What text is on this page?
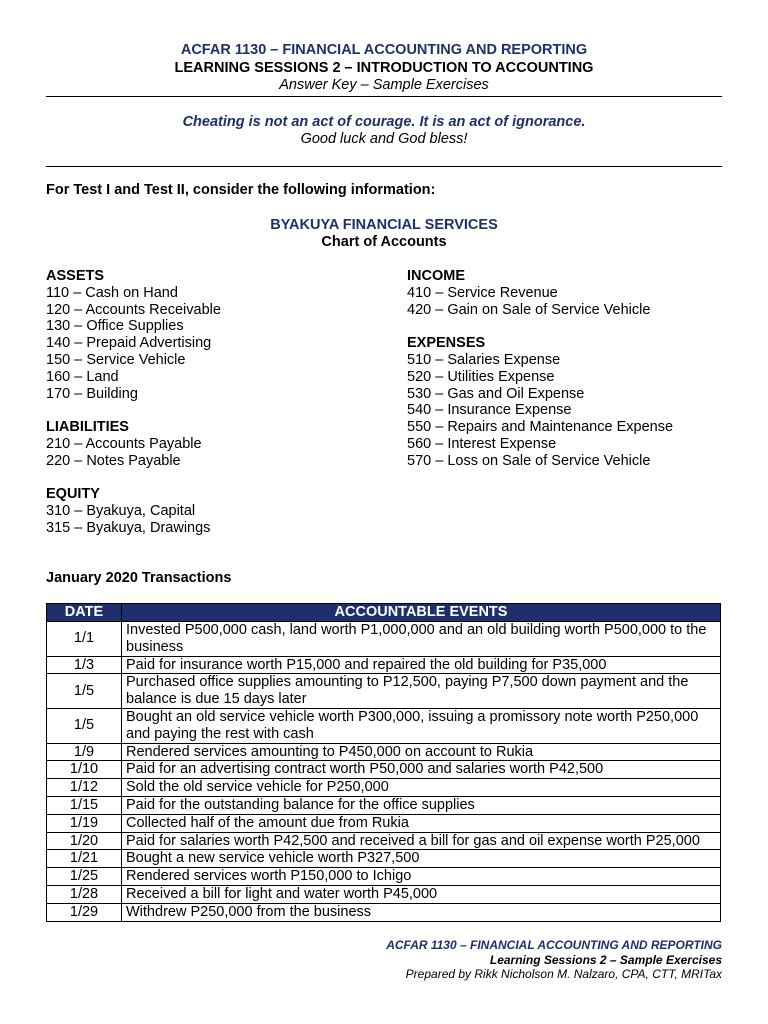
ACFAR 1130 – FINANCIAL ACCOUNTING AND REPORTING
LEARNING SESSIONS 2 – INTRODUCTION TO ACCOUNTING
Answer Key – Sample Exercises
Cheating is not an act of courage. It is an act of ignorance.
Good luck and God bless!
For Test I and Test II, consider the following information:
BYAKUYA FINANCIAL SERVICES
Chart of Accounts
ASSETS
110 – Cash on Hand
120 – Accounts Receivable
130 – Office Supplies
140 – Prepaid Advertising
150 – Service Vehicle
160 – Land
170 – Building
LIABILITIES
210 – Accounts Payable
220 – Notes Payable
EQUITY
310 – Byakuya, Capital
315 – Byakuya, Drawings
INCOME
410 – Service Revenue
420 – Gain on Sale of Service Vehicle
EXPENSES
510 – Salaries Expense
520 – Utilities Expense
530 – Gas and Oil Expense
540 – Insurance Expense
550 – Repairs and Maintenance Expense
560 – Interest Expense
570 – Loss on Sale of Service Vehicle
January 2020 Transactions
DATE	ACCOUNTABLE EVENTS
1/1	Invested P500,000 cash, land worth P1,000,000 and an old building worth P500,000 to the business
1/3	Paid for insurance worth P15,000 and repaired the old building for P35,000
1/5	Purchased office supplies amounting to P12,500, paying P7,500 down payment and the balance is due 15 days later
1/5	Bought an old service vehicle worth P300,000, issuing a promissory note worth P250,000 and paying the rest with cash
1/9	Rendered services amounting to P450,000 on account to Rukia
1/10	Paid for an advertising contract worth P50,000 and salaries worth P42,500
1/12	Sold the old service vehicle for P250,000
1/15	Paid for the outstanding balance for the office supplies
1/19	Collected half of the amount due from Rukia
1/20	Paid for salaries worth P42,500 and received a bill for gas and oil expense worth P25,000
1/21	Bought a new service vehicle worth P327,500
1/25	Rendered services worth P150,000 to Ichigo
1/28	Received a bill for light and water worth P45,000
1/29	Withdrew P250,000 from the business
ACFAR 1130 – FINANCIAL ACCOUNTING AND REPORTING
Learning Sessions 2 – Sample Exercises
Prepared by Rikk Nicholson M. Nalzaro, CPA, CTT, MRITax
